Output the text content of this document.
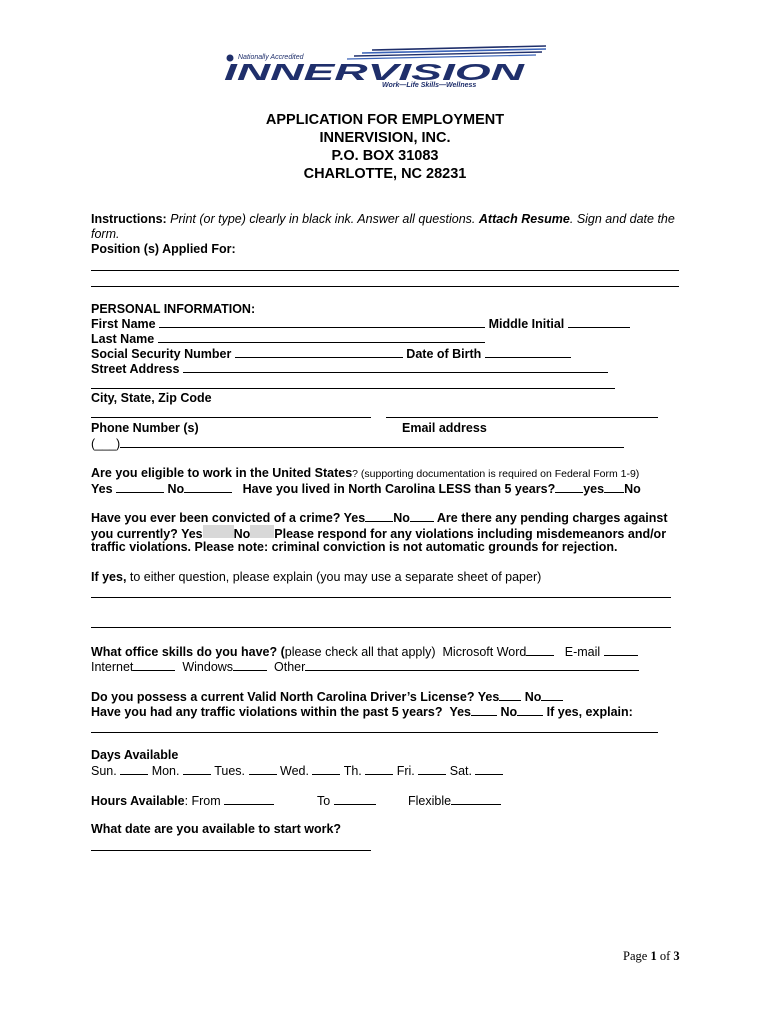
Nationally Accredited
INNERVISION
Work—Life Skills—Wellness
APPLICATION FOR EMPLOYMENT
INNERVISION, INC.
P.O. BOX 31083
CHARLOTTE, NC 28231
Instructions: Print (or type) clearly in black ink. Answer all questions. Attach Resume. Sign and date the
form.
Position (s) Applied For:
PERSONAL INFORMATION:
First Name	Middle Initial
Last Name
Social Security Number	Date of Birth
Street Address
City, State, Zip Code
Phone Number (s)	Email address
(___)
Are you eligible to work in the United States? (supporting documentation is required on Federal Form 1-9)
Yes	No	Have you lived in North Carolina LESS than 5 years? yes No
Have you ever been convicted of a crime? Yes No Are there any pending charges against
you currently? Yes No Please respond for any violations including misdemeanors and/or
traffic violations. Please note: criminal conviction is not automatic grounds for rejection.
If yes, to either question, please explain (you may use a separate sheet of paper)
What office skills do you have? (please check all that apply) Microsoft Word	E-mail
Internet	Windows	Other
Do you possess a current Valid North Carolina Driver’s License? Yes No
Have you had any traffic violations within the past 5 years? Yes No If yes, explain:
Days Available
Sun.	Mon.	Tues.	Wed.	Th.	Fri.	Sat.
Hours Available: From	To	Flexible
What date are you available to start work?
Page 1 of 3
